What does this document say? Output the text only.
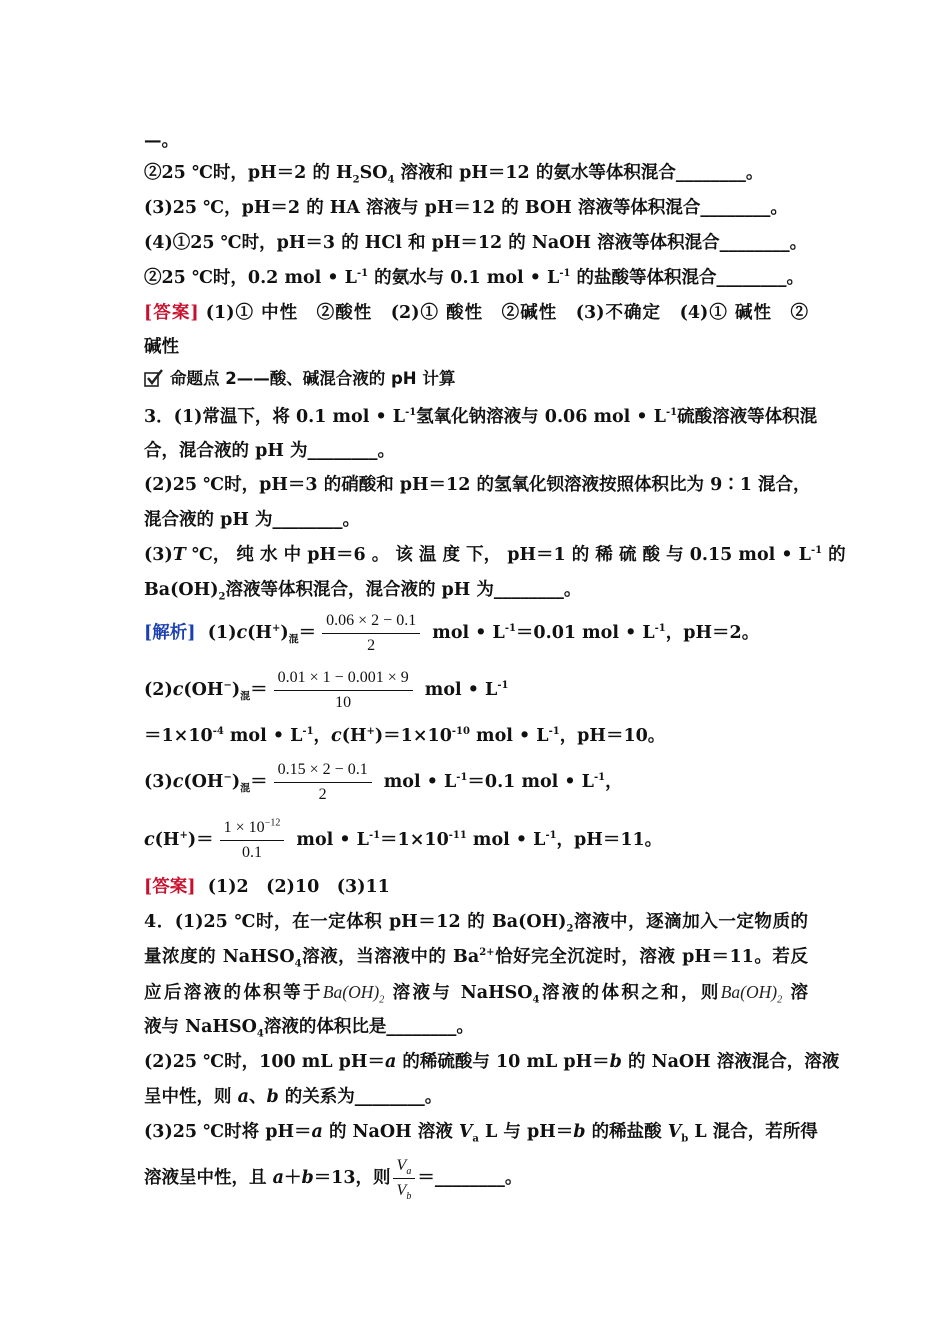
—。
②25 ℃时，pH＝2 的 $H_2SO_4$ 溶液和 pH＝12 的氨水等体积混合________。
(3)25 ℃，pH＝2 的 HA 溶液与 pH＝12 的 BOH 溶液等体积混合________。
(4)①25 ℃时，pH＝3 的 HCl 和 pH＝12 的 NaOH 溶液等体积混合________。
②25 ℃时，0.2 mol • $L^{-1}$ 的氨水与 0.1 mol • $L^{-1}$ 的盐酸等体积混合________。
[答案] (1)① 中性　②酸性　(2)① 酸性　②碱性　(3)不确定　(4)① 碱性　②
碱性
命题点 2——酸、碱混合液的 pH 计算
3．(1)常温下，将 0.1 mol • $L^{-1}$氢氧化钠溶液与 0.06 mol • $L^{-1}$硫酸溶液等体积混
合，混合液的 pH 为________。
(2)25 ℃时，pH＝3 的硝酸和 pH＝12 的氢氧化钡溶液按照体积比为 9∶1 混合，
混合液的 pH 为________。
(3)T ℃， 纯 水 中 pH＝6 。 该 温 度 下， pH＝1 的 稀 硫 酸 与 0.15 mol • $L^{-1}$ 的
$Ba(OH)_2$溶液等体积混合，混合液的 pH 为________。
[解析] $(1)c(H^+)_混= \frac{0.06 \times 2 - 0.1}{2}$ mol • $L^{-1}=0.01$ mol • $L^{-1}$，pH＝2。
$(2)c(OH^-)_混= \frac{0.01 \times 1 - 0.001 \times 9}{10}$ mol • $L^{-1}$
$=1\times 10^{-4}$ mol • $L^{-1}$，$c(H^+)=1\times 10^{-10}$ mol • $L^{-1}$，pH＝10。
$(3)c(OH^-)_混= \frac{0.15 \times 2 - 0.1}{2}$ mol • $L^{-1}=0.1$ mol • $L^{-1}$，
$c(H^+)= \frac{1 \times 10^{-12}}{0.1}$ mol • $L^{-1}=1\times 10^{-11}$ mol • $L^{-1}$，pH＝11。
[答案] (1)2　(2)10　(3)11
4．(1)25 ℃时，在一定体积 pH＝12 的 $Ba(OH)_2$溶液中，逐滴加入一定物质的
量浓度的 NaHSO$_4$溶液，当溶液中的 $Ba^{2+}$恰好完全沉淀时，溶液 pH＝11。若反
应后溶液的体积等于$Ba(OH)_2$ 溶液与 NaHSO$_4$溶液的体积之和，则$Ba(OH)_2$ 溶
液与 NaHSO$_4$溶液的体积比是________。
(2)25 ℃时，100 mL pH＝a 的稀硫酸与 10 mL pH＝b 的 NaOH 溶液混合，溶液
呈中性，则 a、b 的关系为________。
(3)25 ℃时将 pH＝a 的 NaOH 溶液 $V_a$ L 与 pH＝b 的稀盐酸 $V_b$ L 混合，若所得
溶液呈中性，且 a＋b＝13，则 $\frac{V_a}{V_b}$ ＝________。
